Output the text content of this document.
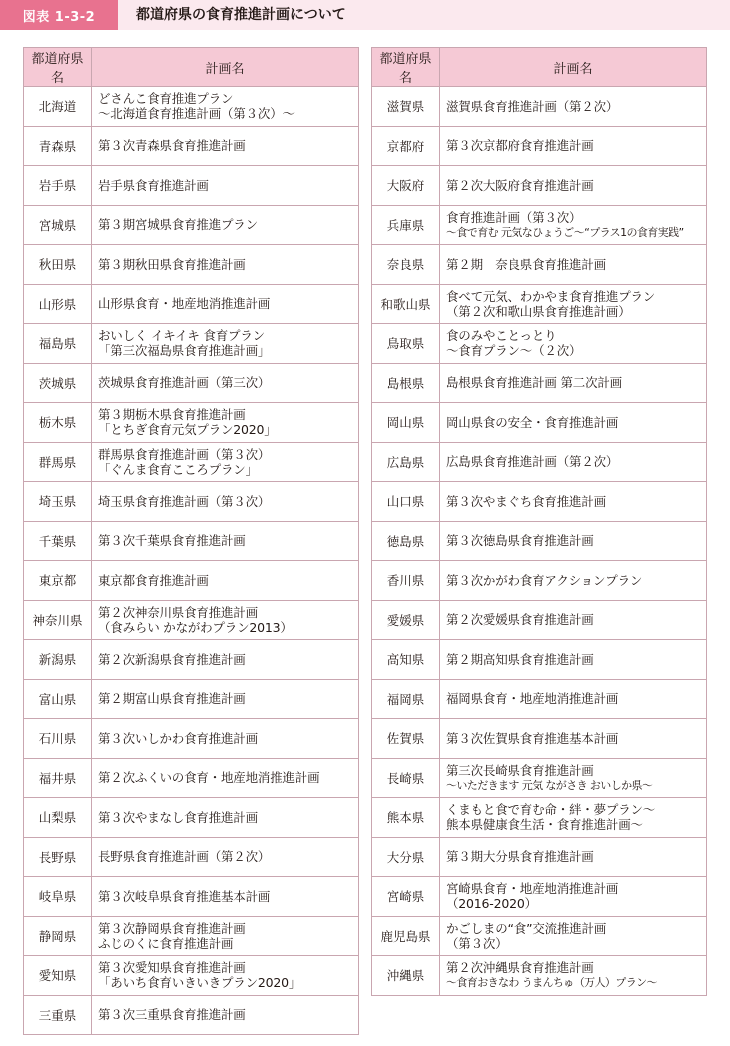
図表 1-3-2	都道府県の食育推進計画について
都道府県名	計画名
北海道	どさんこ食育推進プラン
～北海道食育推進計画（第３次）～

青森県	第３次青森県食育推進計画

岩手県	岩手県食育推進計画

宮城県	第３期宮城県食育推進プラン

秋田県	第３期秋田県食育推進計画

山形県	山形県食育・地産地消推進計画

福島県	おいしく イキイキ 食育プラン
「第三次福島県食育推進計画」

茨城県	茨城県食育推進計画（第三次）

栃木県	第３期栃木県食育推進計画
「とちぎ食育元気プラン2020」

群馬県	群馬県食育推進計画（第３次）
「ぐんま食育こころプラン」

埼玉県	埼玉県食育推進計画（第３次）

千葉県	第３次千葉県食育推進計画

東京都	東京都食育推進計画

神奈川県	第２次神奈川県食育推進計画
（食みらい かながわプラン2013）

新潟県	第２次新潟県食育推進計画

富山県	第２期富山県食育推進計画

石川県	第３次いしかわ食育推進計画

福井県	第２次ふくいの食育・地産地消推進計画

山梨県	第３次やまなし食育推進計画

長野県	長野県食育推進計画（第２次）

岐阜県	第３次岐阜県食育推進基本計画

静岡県	第３次静岡県食育推進計画
ふじのくに食育推進計画

愛知県	第３次愛知県食育推進計画
「あいち食育いきいきプラン2020」

三重県	第３次三重県食育推進計画
都道府県名	計画名
滋賀県	滋賀県食育推進計画（第２次）

京都府	第３次京都府食育推進計画

大阪府	第２次大阪府食育推進計画

兵庫県	食育推進計画（第３次）
～食で育む 元気なひょうご～“プラス1の食育実践”

奈良県	第２期　奈良県食育推進計画

和歌山県	食べて元気、わかやま食育推進プラン
（第２次和歌山県食育推進計画）

鳥取県	食のみやことっとり
～食育プラン～（２次）

島根県	島根県食育推進計画 第二次計画

岡山県	岡山県食の安全・食育推進計画

広島県	広島県食育推進計画（第２次）

山口県	第３次やまぐち食育推進計画

徳島県	第３次徳島県食育推進計画

香川県	第３次かがわ食育アクションプラン

愛媛県	第２次愛媛県食育推進計画

高知県	第２期高知県食育推進計画

福岡県	福岡県食育・地産地消推進計画

佐賀県	第３次佐賀県食育推進基本計画

長崎県	第三次長崎県食育推進計画
～いただきます 元気 ながさき おいしか県～

熊本県	くまもと食で育む命・絆・夢プラン～
熊本県健康食生活・食育推進計画～

大分県	第３期大分県食育推進計画

宮崎県	宮崎県食育・地産地消推進計画
（2016-2020）

鹿児島県	かごしまの“食”交流推進計画
（第３次）

沖縄県	第２次沖縄県食育推進計画
～食育おきなわ うまんちゅ（万人）プラン～
